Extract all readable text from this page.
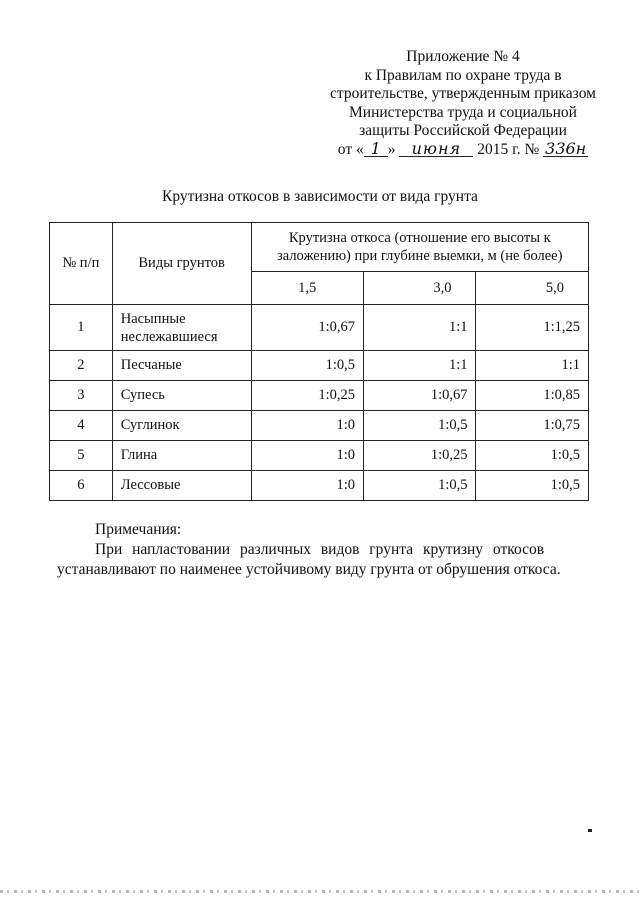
Приложение № 4
к Правилам по охране труда в
строительстве, утвержденным приказом
Министерства труда и социальной
защиты Российской Федерации
от « 1 » июня 2015 г. № 336н
Крутизна откосов в зависимости от вида грунта
№ п/п	Виды грунтов	Крутизна откоса (отношение его высоты к заложению) при глубине выемки, м (не более)		
		1,5	3,0	5,0
1	Насыпные неслежавшиеся	1:0,67	1:1	1:1,25
2	Песчаные	1:0,5	1:1	1:1
3	Супесь	1:0,25	1:0,67	1:0,85
4	Суглинок	1:0	1:0,5	1:0,75
5	Глина	1:0	1:0,25	1:0,5
6	Лессовые	1:0	1:0,5	1:0,5
Примечания:
При напластовании различных видов грунта крутизну откосов
устанавливают по наименее устойчивому виду грунта от обрушения откоса.
